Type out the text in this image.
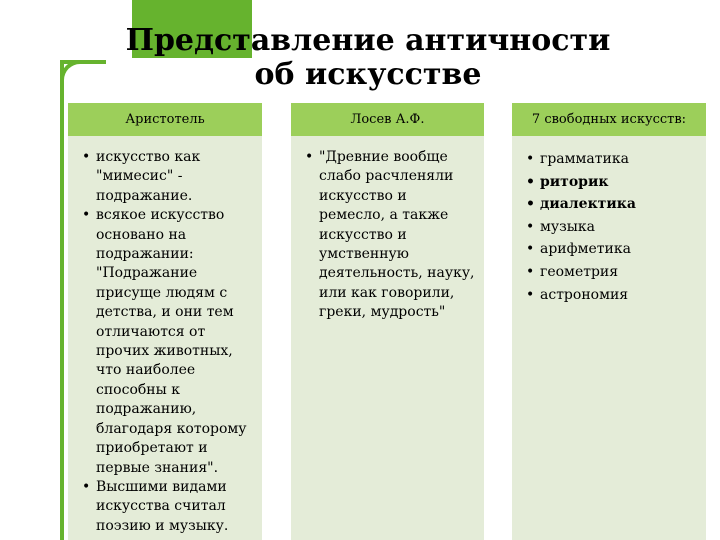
Представление античности об искусстве
Аристотель
• искусство как "мимесис" - подражание.
• всякое искусство основано на подражании: "Подражание присуще людям с детства, и они тем отличаются от прочих животных, что наиболее способны к подражанию, благодаря которому приобретают и первые знания".
• Высшими видами искусства считал поэзию и музыку.
Лосев А.Ф.
• "Древние вообще слабо расчленяли искусство и ремесло, а также искусство и умственную деятельность, науку, или как говорили, греки, мудрость"
7 свободных искусств:
• грамматика
• риторик
• диалектика
• музыка
• арифметика
• геометрия
• астрономия
